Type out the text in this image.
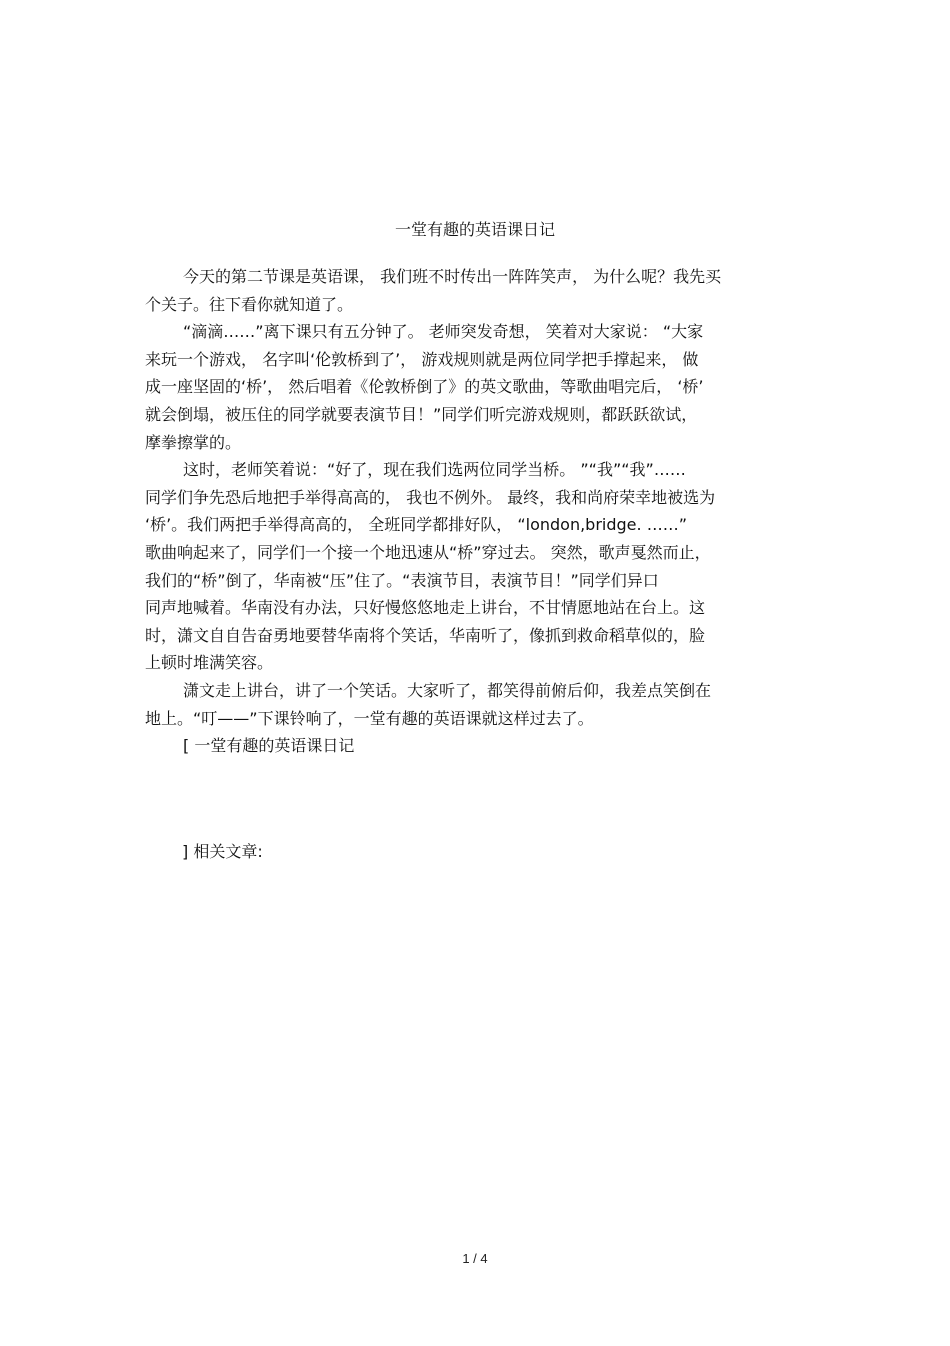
一堂有趣的英语课日记

今天的第二节课是英语课， 我们班不时传出一阵阵笑声， 为什么呢？我先买
个关子。往下看你就知道了。

“滴滴……”离下课只有五分钟了。 老师突发奇想， 笑着对大家说： “大家
来玩一个游戏， 名字叫‘伦敦桥到了’， 游戏规则就是两位同学把手撑起来， 做
成一座坚固的‘桥’， 然后唱着《伦敦桥倒了》的英文歌曲，等歌曲唱完后， ‘桥’
就会倒塌，被压住的同学就要表演节目！”同学们听完游戏规则，都跃跃欲试，
摩拳擦掌的。

这时，老师笑着说：“好了，现在我们选两位同学当桥。 ”“我”“我”……
同学们争先恐后地把手举得高高的， 我也不例外。 最终，我和尚府荣幸地被选为
‘桥’。我们两把手举得高高的， 全班同学都排好队， “london,bridge. ……”
歌曲响起来了，同学们一个接一个地迅速从“桥”穿过去。 突然，歌声戛然而止，
我们的“桥”倒了，华南被“压”住了。“表演节目，表演节目！”同学们异口
同声地喊着。华南没有办法，只好慢悠悠地走上讲台，不甘情愿地站在台上。这
时，潇文自自告奋勇地要替华南将个笑话，华南听了，像抓到救命稻草似的，脸
上顿时堆满笑容。

潇文走上讲台，讲了一个笑话。大家听了，都笑得前俯后仰，我差点笑倒在
地上。“叮——”下课铃响了，一堂有趣的英语课就这样过去了。

[ 一堂有趣的英语课日记

] 相关文章:
1 / 4
